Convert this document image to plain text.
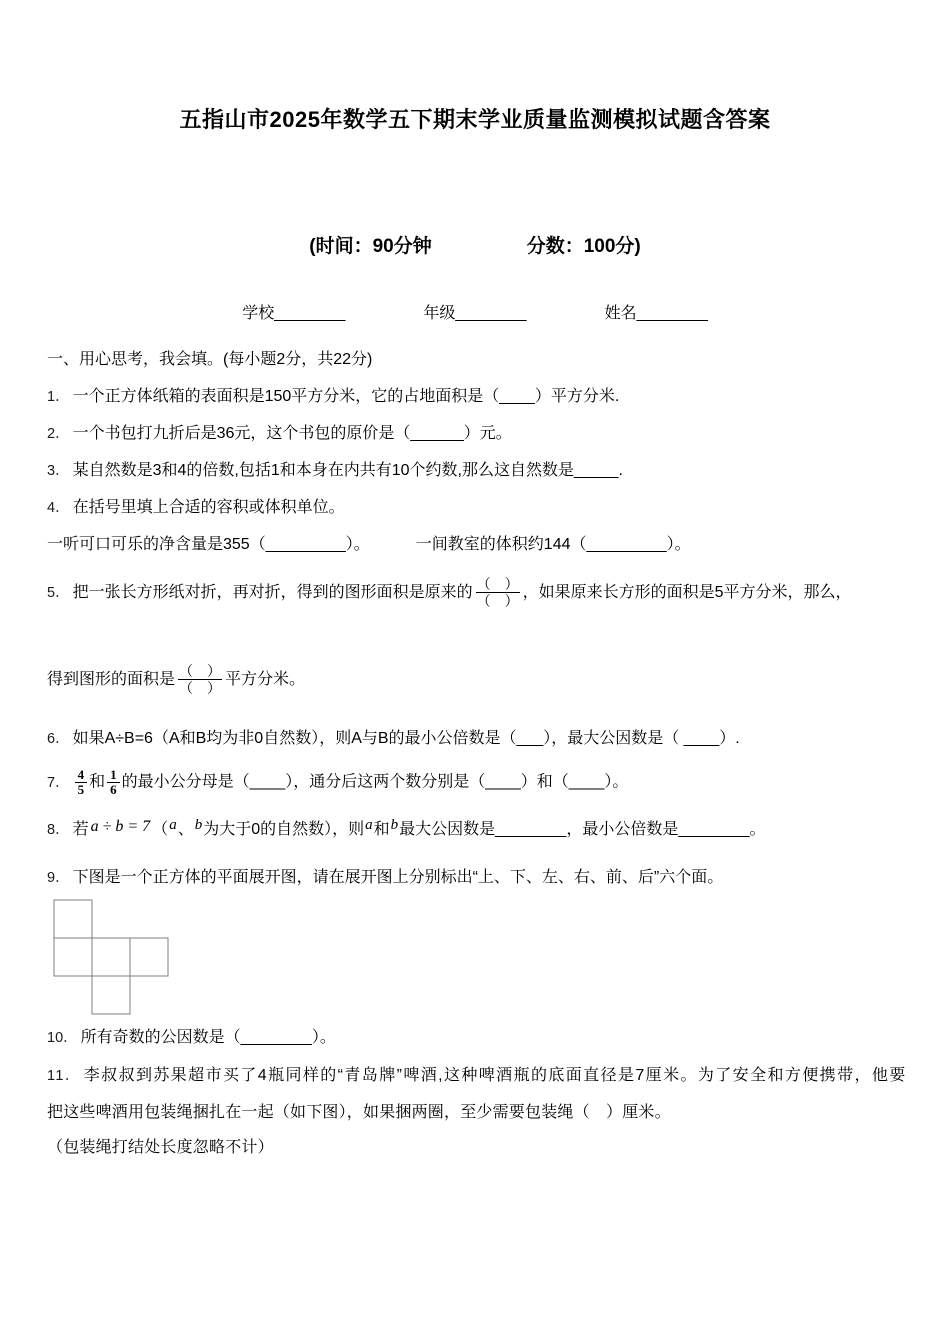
五指山市2025年数学五下期末学业质量监测模拟试题含答案
(时间：90分钟	分数：100分)
学校________	年级________	姓名________
一、用心思考，我会填。(每小题2分，共22分)
1． 一个正方体纸箱的表面积是150平方分米，它的占地面积是（____）平方分米.
2． 一个书包打九折后是36元，这个书包的原价是（______）元。
3． 某自然数是3和4的倍数,包括1和本身在内共有10个约数,那么这自然数是_____.
4． 在括号里填上合适的容积或体积单位。
一听可口可乐的净含量是355（_________）。	一间教室的体积约144（_________）。
5． 把一张长方形纸对折，再对折，得到的图形面积是原来的 $\frac{( )}{( )}$ ，如果原来长方形的面积是5平方分米，那么，
得到图形的面积是 $\frac{( )}{( )}$ 平方分米。
6． 如果A÷B=6（A和B均为非0自然数），则A与B的最小公倍数是（___），最大公因数是（ ____）.
7． $\frac{4}{5}$ 和 $\frac{1}{6}$ 的最小公分母是（____），通分后这两个数分别是（____）和（____）。
8． 若 a ÷ b = 7 （a、b为大于0的自然数），则a和b最大公因数是________，最小公倍数是________。
9． 下图是一个正方体的平面展开图，请在展开图上分别标出“上、下、左、右、前、后”六个面。
10． 所有奇数的公因数是（________）。
11． 李叔叔到苏果超市买了4瓶同样的“青岛牌”啤酒,这种啤酒瓶的底面直径是7厘米。为了安全和方便携带，他要
把这些啤酒用包装绳捆扎在一起（如下图），如果捆两圈，至少需要包装绳（　）厘米。
（包装绳打结处长度忽略不计）
